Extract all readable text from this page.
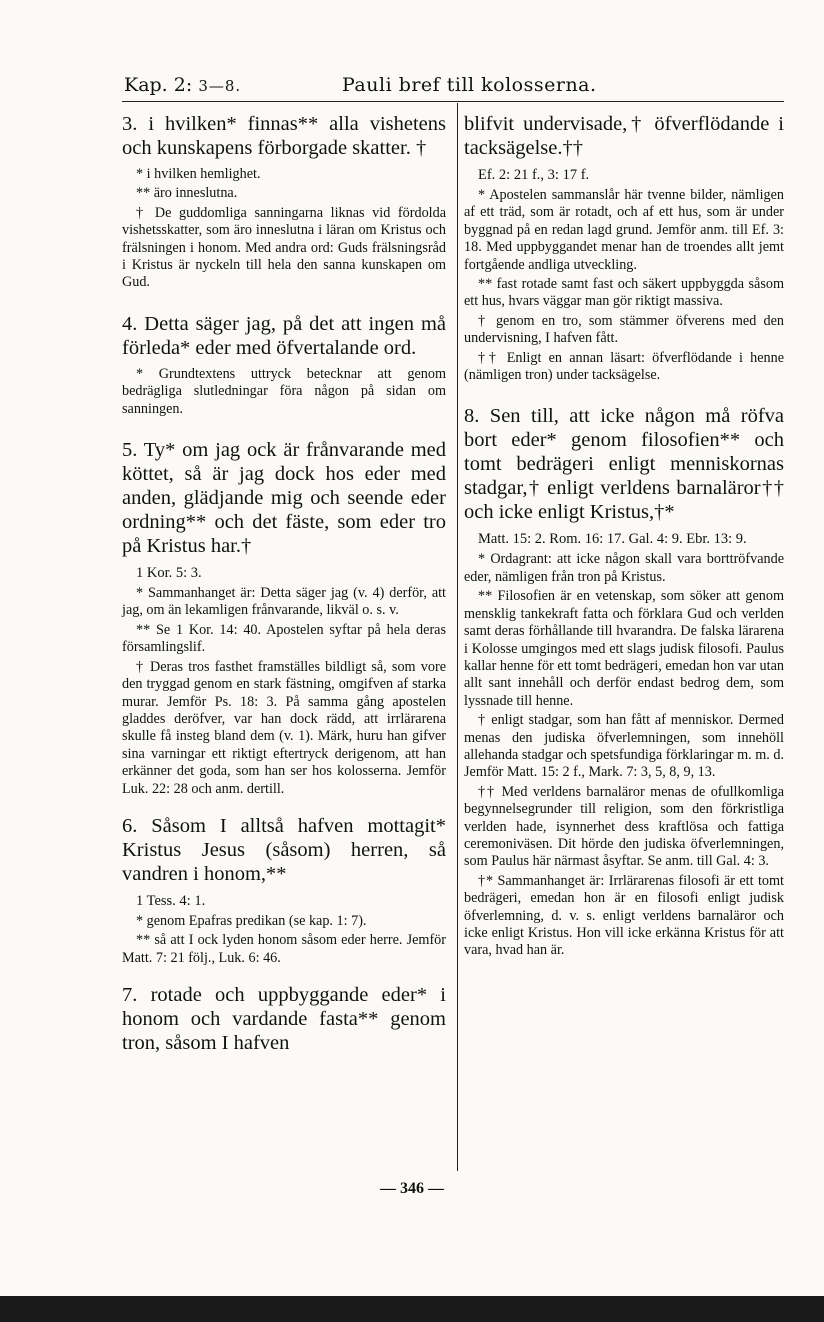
Kap. 2: 3—8.	Pauli bref till kolosserna.

3. i hvilken* finnas** alla vishetens och kunskapens förborgade skatter. †

* i hvilken hemlighet.

** äro inneslutna.

† De guddomliga sanningarna liknas vid fördolda vishetsskatter, som äro inneslutna i läran om Kristus och frälsningen i honom. Med andra ord: Guds frälsningsråd i Kristus är nyckeln till hela den sanna kunskapen om Gud.

4. Detta säger jag, på det att ingen må förleda* eder med öfvertalande ord.

* Grundtextens uttryck betecknar att genom bedrägliga slutledningar föra någon på sidan om sanningen.

5. Ty* om jag ock är frånvarande med köttet, så är jag dock hos eder med anden, glädjande mig och seende eder ordning** och det fäste, som eder tro på Kristus har.†

1 Kor. 5: 3.

* Sammanhanget är: Detta säger jag (v. 4) derför, att jag, om än lekamligen frånvarande, likväl o. s. v.

** Se 1 Kor. 14: 40. Apostelen syftar på hela deras församlingslif.

† Deras tros fasthet framställes bildligt så, som vore den tryggad genom en stark fästning, omgifven af starka murar. Jemför Ps. 18: 3. På samma gång apostelen gladdes deröfver, var han dock rädd, att irrlärarena skulle få insteg bland dem (v. 1). Märk, huru han gifver sina varningar ett riktigt eftertryck derigenom, att han erkänner det goda, som han ser hos kolosserna. Jemför Luk. 22: 28 och anm. dertill.

6. Såsom I alltså hafven mottagit* Kristus Jesus (såsom) herren, så vandren i honom,**

1 Tess. 4: 1.

* genom Epafras predikan (se kap. 1: 7).

** så att I ock lyden honom såsom eder herre. Jemför Matt. 7: 21 följ., Luk. 6: 46.

7. rotade och uppbyggande eder* i honom och vardande fasta** genom tron, såsom I hafven

blifvit undervisade,† öfverflödande i tacksägelse.††

Ef. 2: 21 f., 3: 17 f.

* Apostelen sammanslår här tvenne bilder, nämligen af ett träd, som är rotadt, och af ett hus, som är under byggnad på en redan lagd grund. Jemför anm. till Ef. 3: 18. Med uppbyggandet menar han de troendes allt jemt fortgående andliga utveckling.

** fast rotade samt fast och säkert uppbyggda såsom ett hus, hvars väggar man gör riktigt massiva.

† genom en tro, som stämmer öfverens med den undervisning, I hafven fått.

†† Enligt en annan läsart: öfverflödande i henne (nämligen tron) under tacksägelse.

8. Sen till, att icke någon må röfva bort eder* genom filosofien** och tomt bedrägeri enligt menniskornas stadgar,† enligt verldens barnaläror†† och icke enligt Kristus,†*

Matt. 15: 2. Rom. 16: 17. Gal. 4: 9. Ebr. 13: 9.

* Ordagrant: att icke någon skall vara borttröfvande eder, nämligen från tron på Kristus.

** Filosofien är en vetenskap, som söker att genom mensklig tankekraft fatta och förklara Gud och verlden samt deras förhållande till hvarandra. De falska lärarena i Kolosse umgingos med ett slags judisk filosofi. Paulus kallar henne för ett tomt bedrägeri, emedan hon var utan allt sant innehåll och derför endast bedrog dem, som lyssnade till henne.

† enligt stadgar, som han fått af menniskor. Dermed menas den judiska öfverlemningen, som innehöll allehanda stadgar och spetsfundiga förklaringar m. m. d. Jemför Matt. 15: 2 f., Mark. 7: 3, 5, 8, 9, 13.

†† Med verldens barnaläror menas de ofullkomliga begynnelsegrunder till religion, som den förkristliga verlden hade, isynnerhet dess kraftlösa och fattiga ceremoniväsen. Dit hörde den judiska öfverlemningen, som Paulus här närmast åsyftar. Se anm. till Gal. 4: 3.

†* Sammanhanget är: Irrlärarenas filosofi är ett tomt bedrägeri, emedan hon är en filosofi enligt judisk öfverlemning, d. v. s. enligt verldens barnaläror och icke enligt Kristus. Hon vill icke erkänna Kristus för att vara, hvad han är.

— 346 —
